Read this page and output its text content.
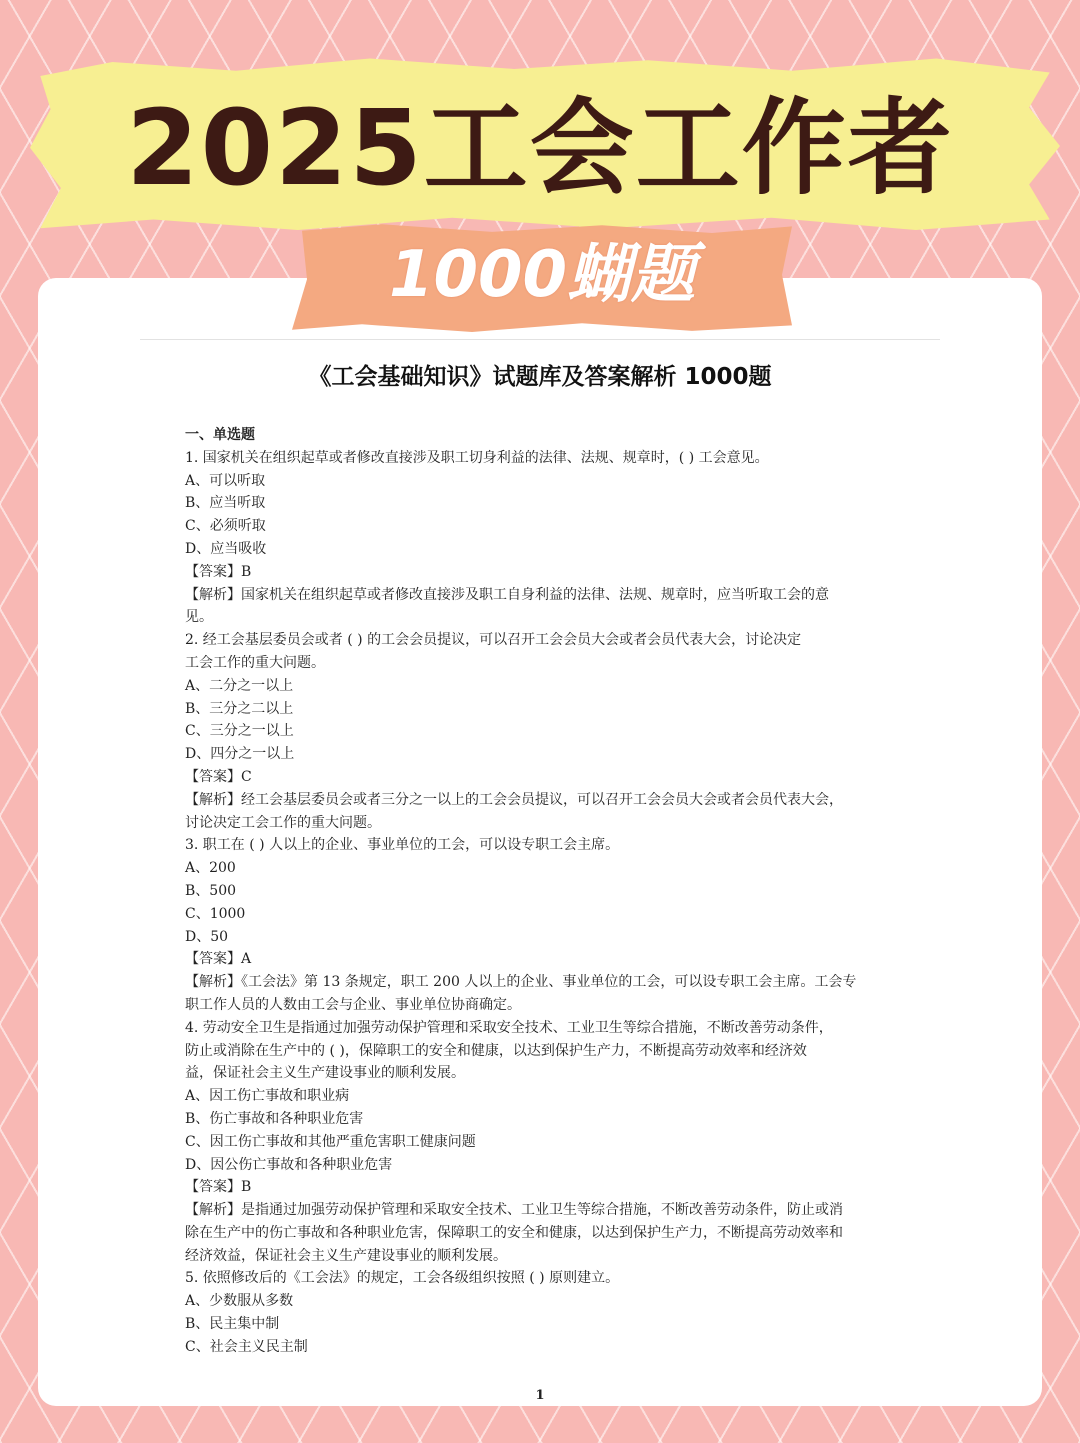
2025工会工作者
1000蝴题
《工会基础知识》试题库及答案解析 1000题
一、单选题
1. 国家机关在组织起草或者修改直接涉及职工切身利益的法律、法规、规章时，( ) 工会意见。
A、可以听取
B、应当听取
C、必须听取
D、应当吸收
【答案】B
【解析】国家机关在组织起草或者修改直接涉及职工自身利益的法律、法规、规章时，应当听取工会的意
见。
2. 经工会基层委员会或者 ( ) 的工会会员提议，可以召开工会会员大会或者会员代表大会，讨论决定
工会工作的重大问题。
A、二分之一以上
B、三分之二以上
C、三分之一以上
D、四分之一以上
【答案】C
【解析】经工会基层委员会或者三分之一以上的工会会员提议，可以召开工会会员大会或者会员代表大会，
讨论决定工会工作的重大问题。
3. 职工在 ( ) 人以上的企业、事业单位的工会，可以设专职工会主席。
A、200
B、500
C、1000
D、50
【答案】A
【解析】《工会法》第 13 条规定，职工 200 人以上的企业、事业单位的工会，可以设专职工会主席。工会专
职工作人员的人数由工会与企业、事业单位协商确定。
4. 劳动安全卫生是指通过加强劳动保护管理和采取安全技术、工业卫生等综合措施，不断改善劳动条件，
防止或消除在生产中的 ( )，保障职工的安全和健康，以达到保护生产力，不断提高劳动效率和经济效
益，保证社会主义生产建设事业的顺利发展。
A、因工伤亡事故和职业病
B、伤亡事故和各种职业危害
C、因工伤亡事故和其他严重危害职工健康问题
D、因公伤亡事故和各种职业危害
【答案】B
【解析】是指通过加强劳动保护管理和采取安全技术、工业卫生等综合措施，不断改善劳动条件，防止或消
除在生产中的伤亡事故和各种职业危害，保障职工的安全和健康，以达到保护生产力，不断提高劳动效率和
经济效益，保证社会主义生产建设事业的顺利发展。
5. 依照修改后的《工会法》的规定，工会各级组织按照 ( ) 原则建立。
A、少数服从多数
B、民主集中制
C、社会主义民主制
1
